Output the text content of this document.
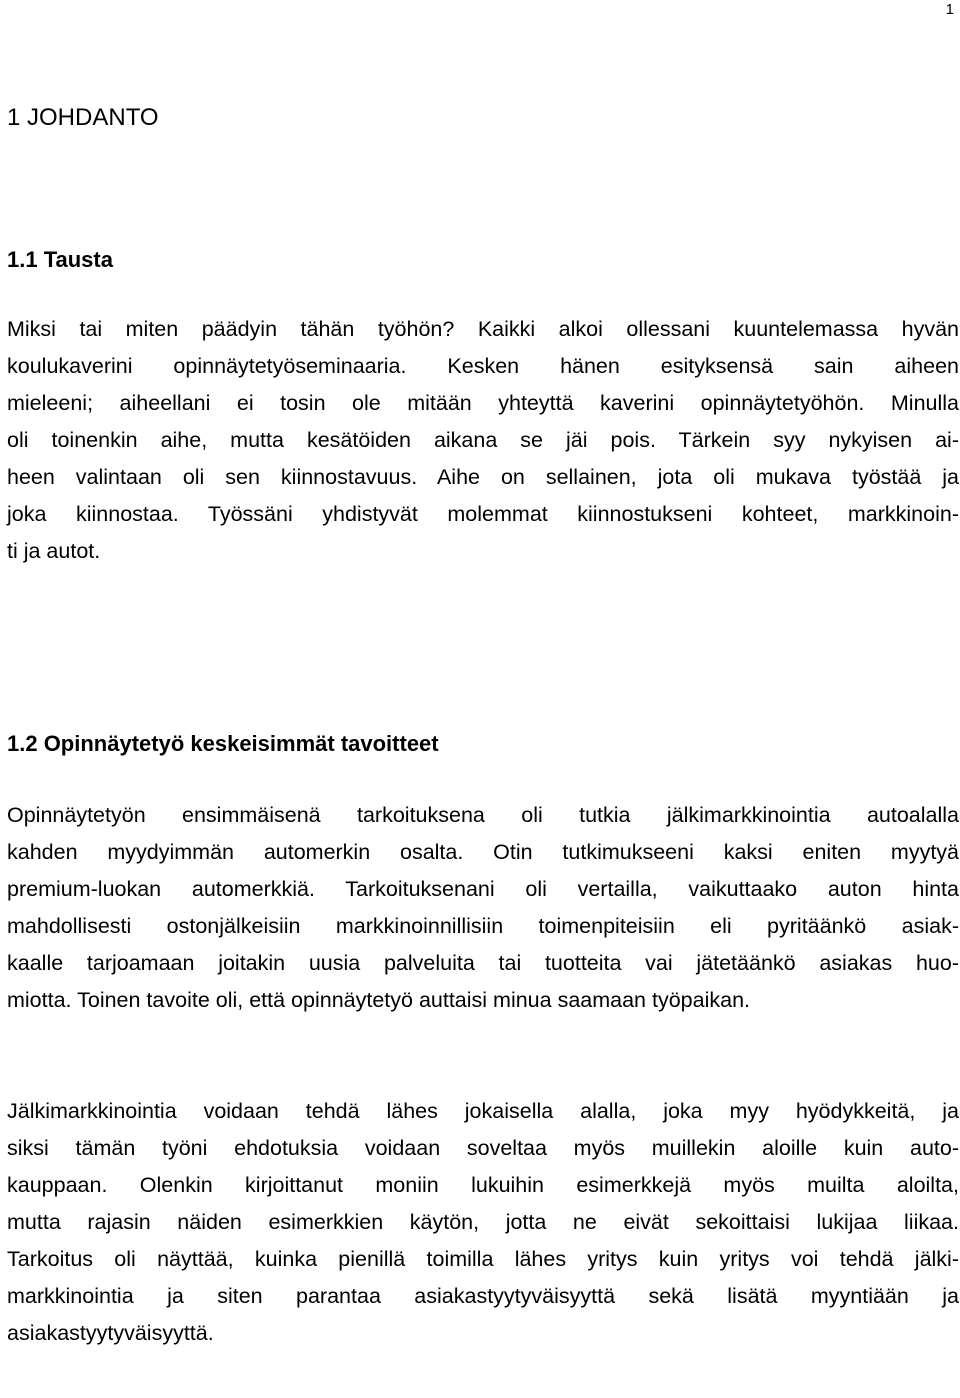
1
1 JOHDANTO
1.1 Tausta
Miksi tai miten päädyin tähän työhön? Kaikki alkoi ollessani kuuntelemassa hyvän
koulukaverini opinnäytetyöseminaaria. Kesken hänen esityksensä sain aiheen
mieleeni; aiheellani ei tosin ole mitään yhteyttä kaverini opinnäytetyöhön. Minulla
oli toinenkin aihe, mutta kesätöiden aikana se jäi pois. Tärkein syy nykyisen ai-
heen valintaan oli sen kiinnostavuus. Aihe on sellainen, jota oli mukava työstää ja
joka kiinnostaa. Työssäni yhdistyvät molemmat kiinnostukseni kohteet, markkinoin-
ti ja autot.
1.2 Opinnäytetyö keskeisimmät tavoitteet
Opinnäytetyön ensimmäisenä tarkoituksena oli tutkia jälkimarkkinointia autoalalla
kahden myydyimmän automerkin osalta. Otin tutkimukseeni kaksi eniten myytyä
premium-luokan automerkkiä. Tarkoituksenani oli vertailla, vaikuttaako auton hinta
mahdollisesti ostonjälkeisiin markkinoinnillisiin toimenpiteisiin eli pyritäänkö asiak-
kaalle tarjoamaan joitakin uusia palveluita tai tuotteita vai jätetäänkö asiakas huo-
miotta. Toinen tavoite oli, että opinnäytetyö auttaisi minua saamaan työpaikan.
Jälkimarkkinointia voidaan tehdä lähes jokaisella alalla, joka myy hyödykkeitä, ja
siksi tämän työni ehdotuksia voidaan soveltaa myös muillekin aloille kuin auto-
kauppaan. Olenkin kirjoittanut moniin lukuihin esimerkkejä myös muilta aloilta,
mutta rajasin näiden esimerkkien käytön, jotta ne eivät sekoittaisi lukijaa liikaa.
Tarkoitus oli näyttää, kuinka pienillä toimilla lähes yritys kuin yritys voi tehdä jälki-
markkinointia ja siten parantaa asiakastyytyväisyyttä sekä lisätä myyntiään ja
asiakastyytyväisyyttä.
